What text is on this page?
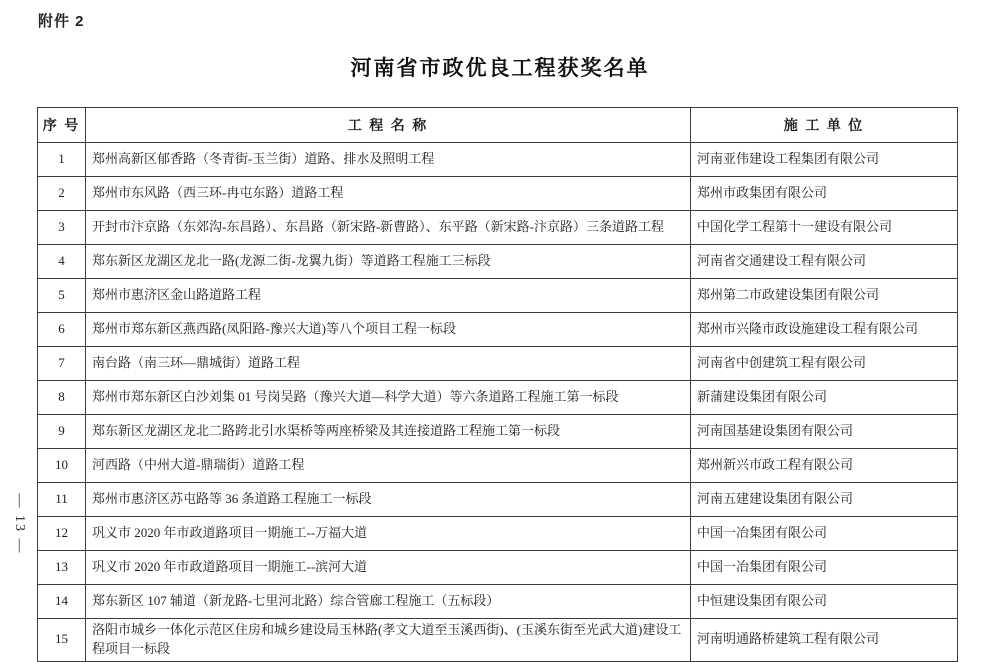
附件 2
河南省市政优良工程获奖名单
— 13 —
序 号	工 程 名 称	施 工 单 位
1	郑州高新区郁香路（冬青街-玉兰街）道路、排水及照明工程	河南亚伟建设工程集团有限公司
2	郑州市东风路（西三环-冉屯东路）道路工程	郑州市政集团有限公司
3	开封市汴京路（东郊沟-东昌路）、东昌路（新宋路-新曹路）、东平路（新宋路-汴京路）三条道路工程	中国化学工程第十一建设有限公司
4	郑东新区龙湖区龙北一路(龙源二街-龙翼九街）等道路工程施工三标段	河南省交通建设工程有限公司
5	郑州市惠济区金山路道路工程	郑州第二市政建设集团有限公司
6	郑州市郑东新区燕西路(凤阳路-豫兴大道)等八个项目工程一标段	郑州市兴隆市政设施建设工程有限公司
7	南台路（南三环—鼎城街）道路工程	河南省中创建筑工程有限公司
8	郑州市郑东新区白沙刘集 01 号岗吴路（豫兴大道—科学大道）等六条道路工程施工第一标段	新蒲建设集团有限公司
9	郑东新区龙湖区龙北二路跨北引水渠桥等两座桥梁及其连接道路工程施工第一标段	河南国基建设集团有限公司
10	河西路（中州大道-鼎瑞街）道路工程	郑州新兴市政工程有限公司
11	郑州市惠济区苏屯路等 36 条道路工程施工一标段	河南五建建设集团有限公司
12	巩义市 2020 年市政道路项目一期施工--万福大道	中国一冶集团有限公司
13	巩义市 2020 年市政道路项目一期施工--滨河大道	中国一冶集团有限公司
14	郑东新区 107 辅道（新龙路-七里河北路）综合管廊工程施工（五标段）	中恒建设集团有限公司
15	洛阳市城乡一体化示范区住房和城乡建设局玉林路(孝文大道至玉溪西街)、(玉溪东街至光武大道)建设工程项目一标段	河南明通路桥建筑工程有限公司
